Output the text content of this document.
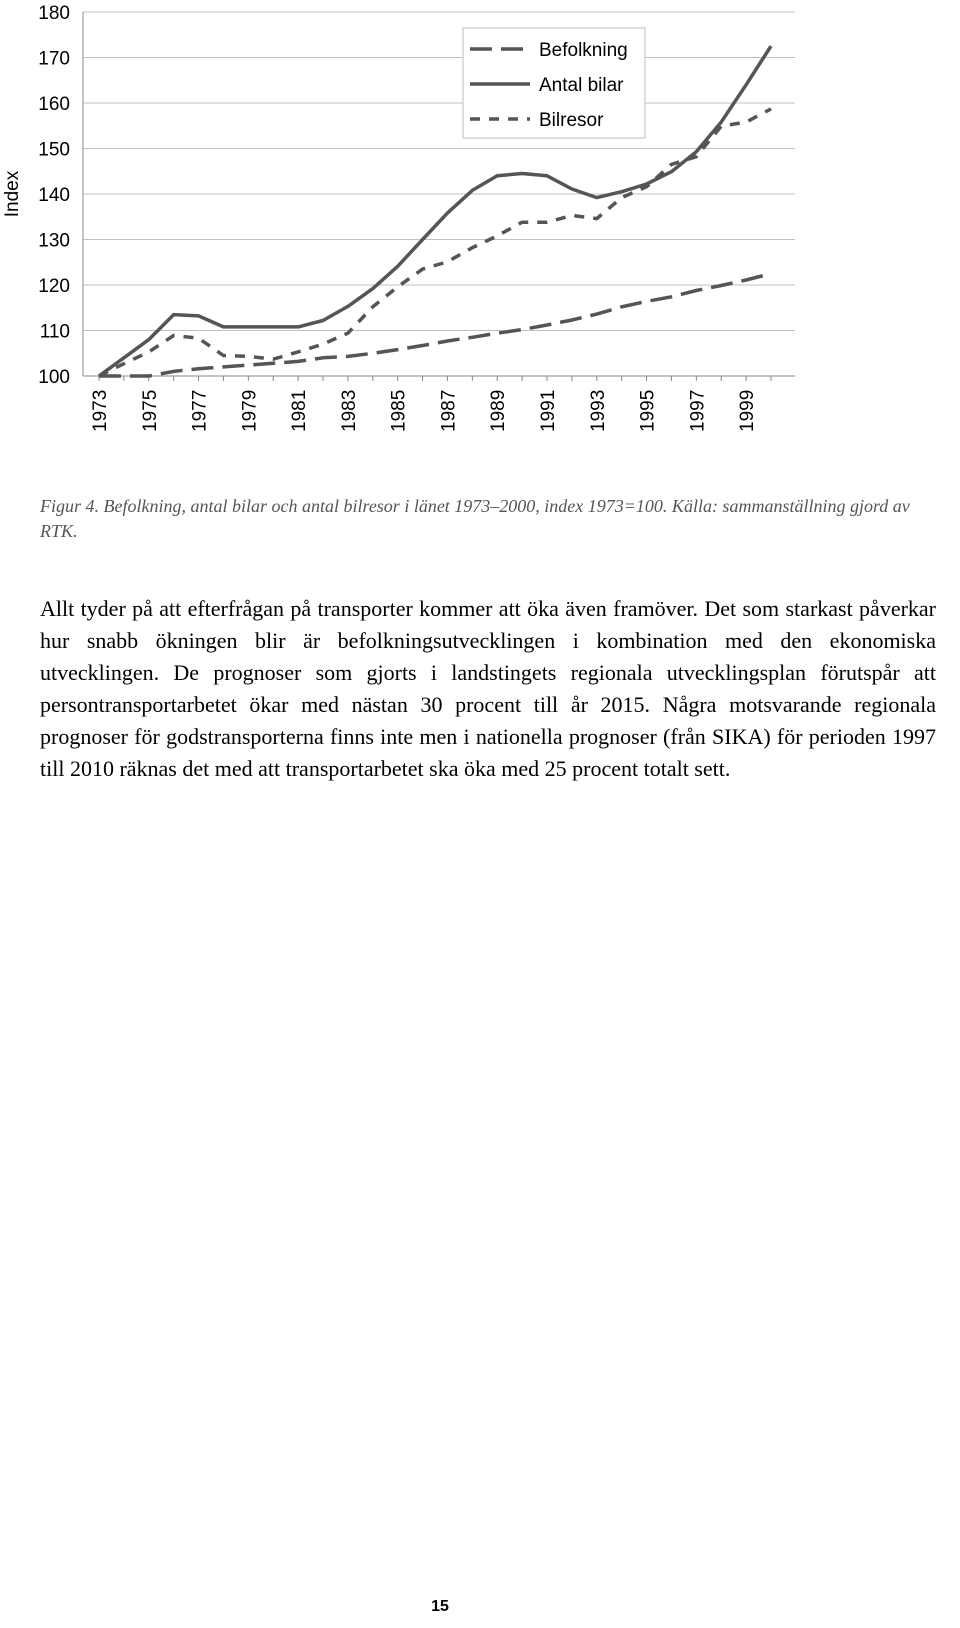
100
110
120
130
140
150
160
170
180
1973 1975 1977 1979 1981 1983 1985 1987 1989 1991 1993 1995 1997 1999
Index
Befolkning
Antal bilar
Bilresor
Figur 4. Befolkning, antal bilar och antal bilresor i länet 1973–2000, index 1973=100. Källa: sammanställning gjord av RTK.
Allt tyder på att efterfrågan på transporter kommer att öka även framöver. Det som starkast påverkar hur snabb ökningen blir är befolkningsutvecklingen i kombination med den ekonomiska utvecklingen. De prognoser som gjorts i landstingets regionala utvecklingsplan förutspår att persontransportarbetet ökar med nästan 30 procent till år 2015. Några motsvarande regionala prognoser för godstransporterna finns inte men i nationella prognoser (från SIKA) för perioden 1997 till 2010 räknas det med att transportarbetet ska öka med 25 procent totalt sett.
15
